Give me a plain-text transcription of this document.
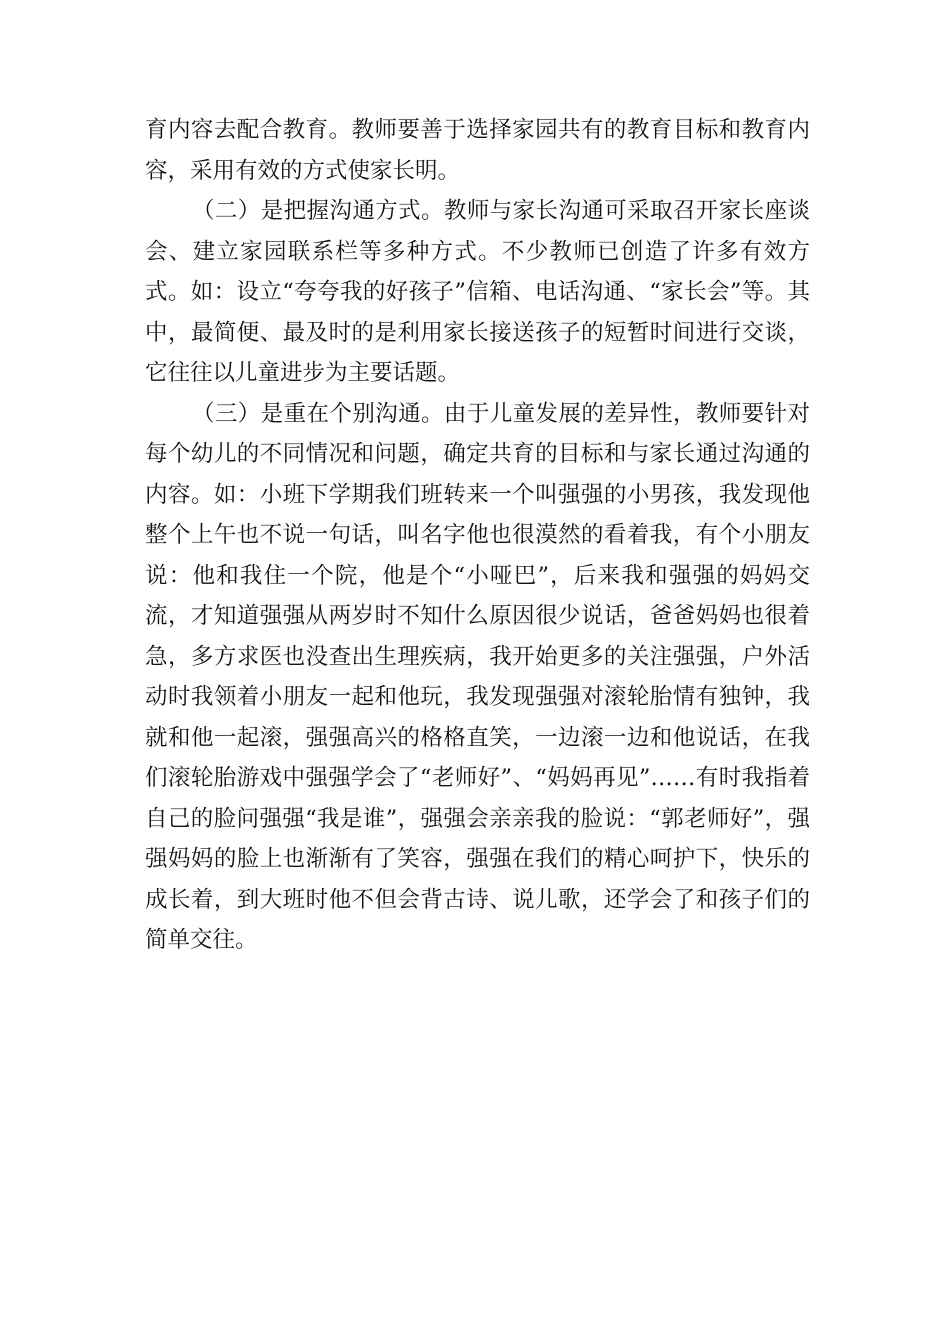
育内容去配合教育。教师要善于选择家园共有的教育目标和教育内容，采用有效的方式使家长明。

（二）是把握沟通方式。教师与家长沟通可采取召开家长座谈会、建立家园联系栏等多种方式。不少教师已创造了许多有效方式。如：设立“夸夸我的好孩子”信箱、电话沟通、“家长会”等。其中，最简便、最及时的是利用家长接送孩子的短暂时间进行交谈，它往往以儿童进步为主要话题。

（三）是重在个别沟通。由于儿童发展的差异性，教师要针对每个幼儿的不同情况和问题，确定共育的目标和与家长通过沟通的内容。如：小班下学期我们班转来一个叫强强的小男孩，我发现他整个上午也不说一句话，叫名字他也很漠然的看着我，有个小朋友说：他和我住一个院，他是个“小哑巴”，后来我和强强的妈妈交流，才知道强强从两岁时不知什么原因很少说话，爸爸妈妈也很着急，多方求医也没查出生理疾病，我开始更多的关注强强，户外活动时我领着小朋友一起和他玩，我发现强强对滚轮胎情有独钟，我就和他一起滚，强强高兴的格格直笑，一边滚一边和他说话，在我们滚轮胎游戏中强强学会了“老师好”、“妈妈再见”……有时我指着自己的脸问强强“我是谁”，强强会亲亲我的脸说：“郭老师好”，强强妈妈的脸上也渐渐有了笑容，强强在我们的精心呵护下，快乐的成长着，到大班时他不但会背古诗、说儿歌，还学会了和孩子们的简单交往。
